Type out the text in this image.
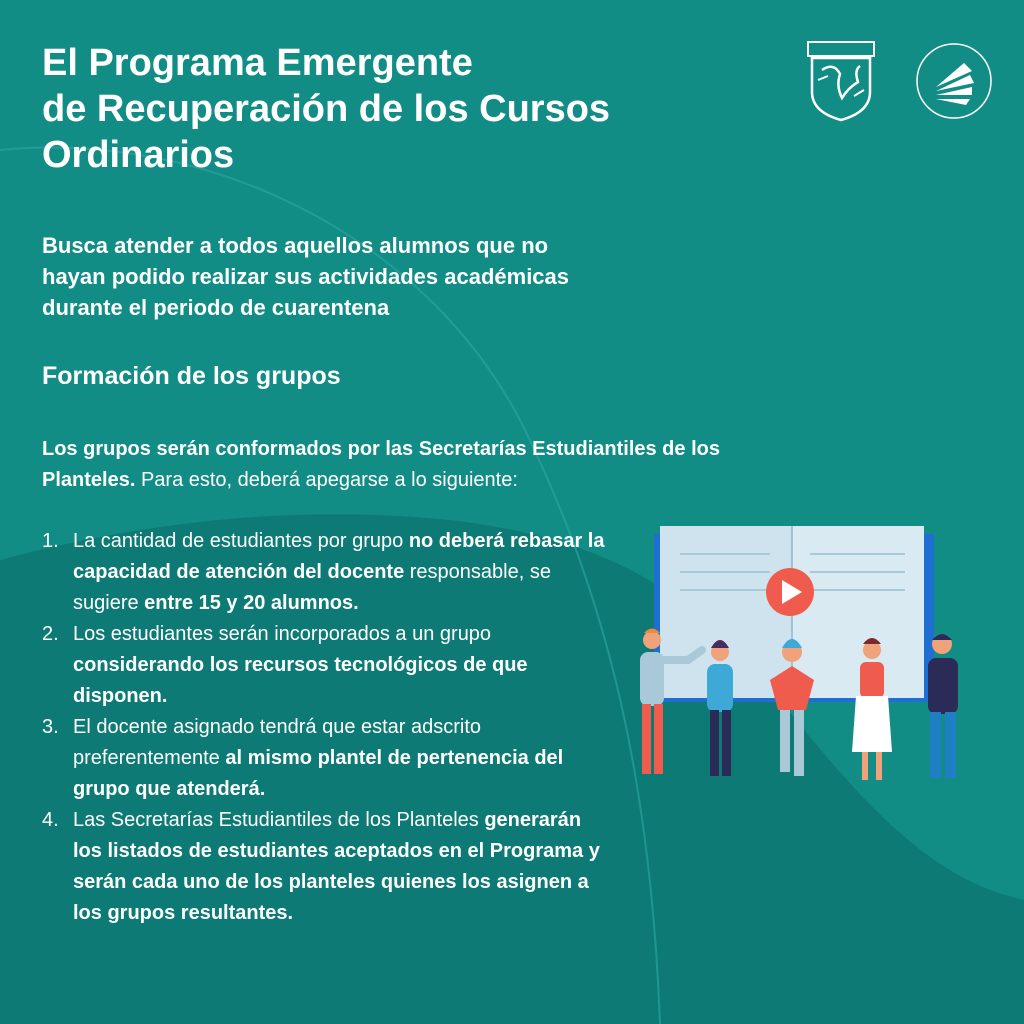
El Programa Emergente
de Recuperación de los Cursos
Ordinarios

Busca atender a todos aquellos alumnos que no
hayan podido realizar sus actividades académicas
durante el periodo de cuarentena

Formación de los grupos

Los grupos serán conformados por las Secretarías Estudiantiles de los Planteles. Para esto, deberá apegarse a lo siguiente:

1. La cantidad de estudiantes por grupo no deberá rebasar la capacidad de atención del docente responsable, se sugiere entre 15 y 20 alumnos.
2. Los estudiantes serán incorporados a un grupo considerando los recursos tecnológicos de que disponen.
3. El docente asignado tendrá que estar adscrito preferentemente al mismo plantel de pertenencia del grupo que atenderá.
4. Las Secretarías Estudiantiles de los Planteles generarán los listados de estudiantes aceptados en el Programa y serán cada uno de los planteles quienes los asignen a los grupos resultantes.
